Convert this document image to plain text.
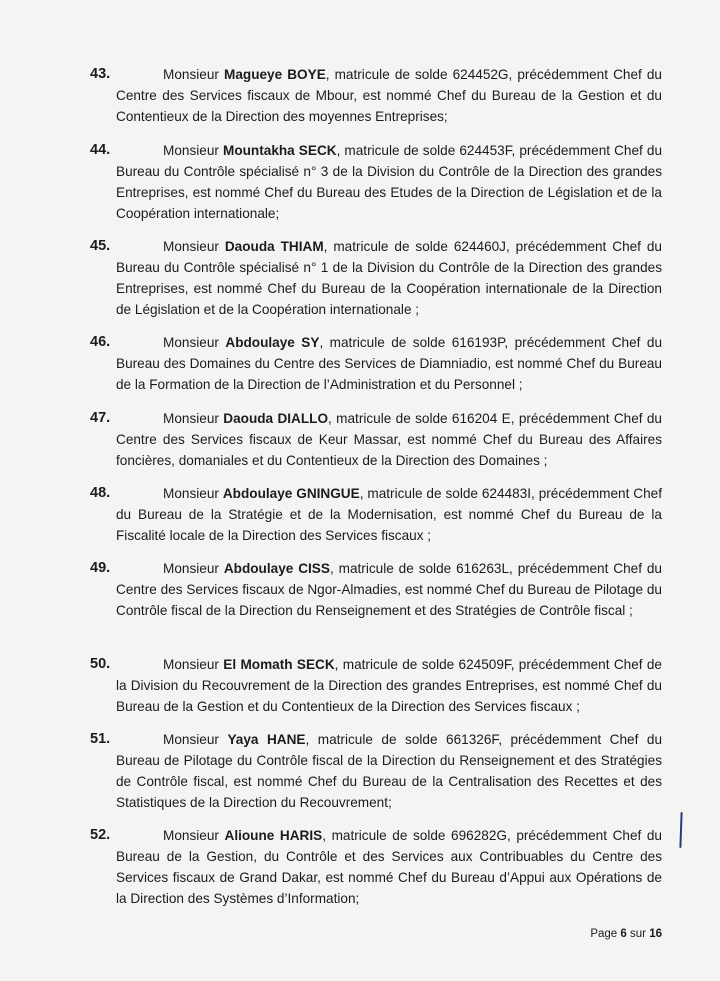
43.	Monsieur Magueye BOYE, matricule de solde 624452G, précédemment Chef du Centre des Services fiscaux de Mbour, est nommé Chef du Bureau de la Gestion et du Contentieux de la Direction des moyennes Entreprises;
44.	Monsieur Mountakha SECK, matricule de solde 624453F, précédemment Chef du Bureau du Contrôle spécialisé n° 3 de la Division du Contrôle de la Direction des grandes Entreprises, est nommé Chef du Bureau des Etudes de la Direction de Législation et de la Coopération internationale;
45.	Monsieur Daouda THIAM, matricule de solde 624460J, précédemment Chef du Bureau du Contrôle spécialisé n° 1 de la Division du Contrôle de la Direction des grandes Entreprises, est nommé Chef du Bureau de la Coopération internationale de la Direction de Législation et de la Coopération internationale ;
46.	Monsieur Abdoulaye SY, matricule de solde 616193P, précédemment Chef du Bureau des Domaines du Centre des Services de Diamniadio, est nommé Chef du Bureau de la Formation de la Direction de l’Administration et du Personnel ;
47.	Monsieur Daouda DIALLO, matricule de solde 616204 E, précédemment Chef du Centre des Services fiscaux de Keur Massar, est nommé Chef du Bureau des Affaires foncières, domaniales et du Contentieux de la Direction des Domaines ;
48.	Monsieur Abdoulaye GNINGUE, matricule de solde 624483I, précédemment Chef du Bureau de la Stratégie et de la Modernisation, est nommé Chef du Bureau de la Fiscalité locale de la Direction des Services fiscaux ;
49.	Monsieur Abdoulaye CISS, matricule de solde 616263L, précédemment Chef du Centre des Services fiscaux de Ngor-Almadies, est nommé Chef du Bureau de Pilotage du Contrôle fiscal de la Direction du Renseignement et des Stratégies de Contrôle fiscal ;
50.	Monsieur El Momath SECK, matricule de solde 624509F, précédemment Chef de la Division du Recouvrement de la Direction des grandes Entreprises, est nommé Chef du Bureau de la Gestion et du Contentieux de la Direction des Services fiscaux ;
51.	Monsieur Yaya HANE, matricule de solde 661326F, précédemment Chef du Bureau de Pilotage du Contrôle fiscal de la Direction du Renseignement et des Stratégies de Contrôle fiscal, est nommé Chef du Bureau de la Centralisation des Recettes et des Statistiques de la Direction du Recouvrement;
52.	Monsieur Alioune HARIS, matricule de solde 696282G, précédemment Chef du Bureau de la Gestion, du Contrôle et des Services aux Contribuables du Centre des Services fiscaux de Grand Dakar, est nommé Chef du Bureau d’Appui aux Opérations de la Direction des Systèmes d’Information;
Page 6 sur 16
